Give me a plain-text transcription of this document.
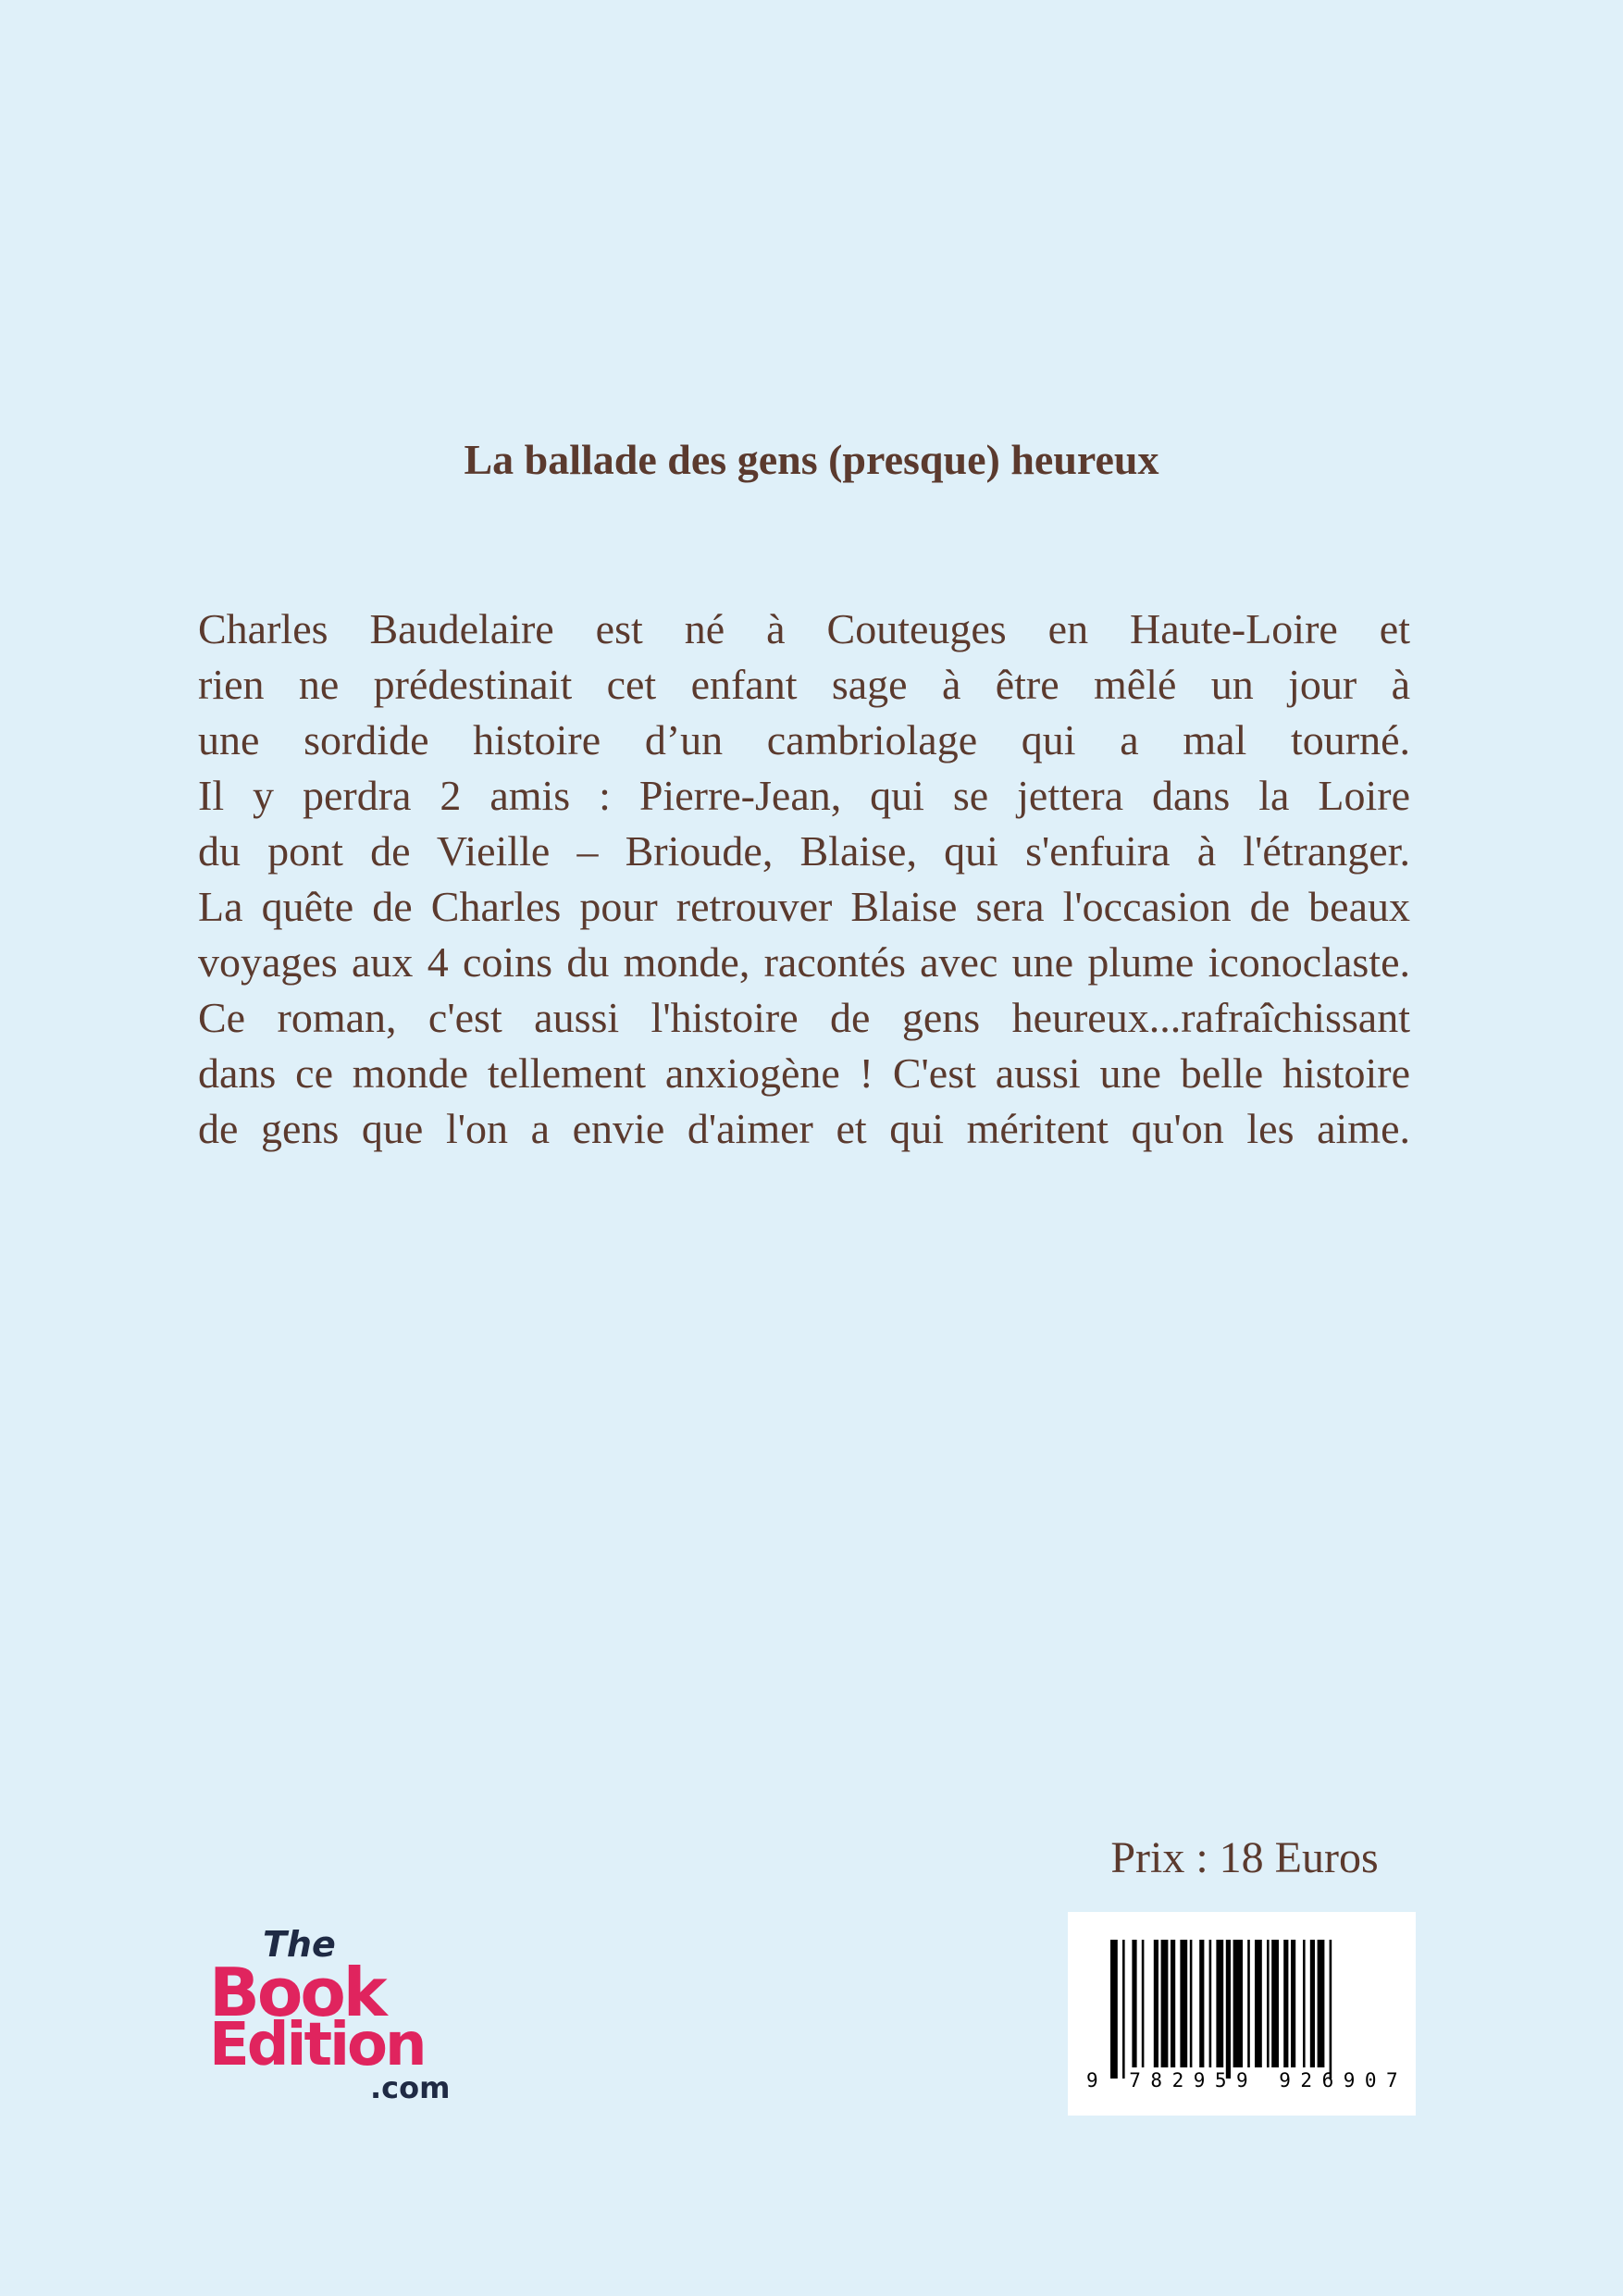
La ballade des gens (presque) heureux
Charles Baudelaire est né à Couteuges en Haute-Loire et
rien ne prédestinait cet enfant sage à être mêlé un jour à
une sordide histoire d’un cambriolage qui a mal tourné.
Il y perdra 2 amis : Pierre-Jean, qui se jettera dans la Loire
du pont de Vieille – Brioude, Blaise, qui s'enfuira à l'étranger.
La quête de Charles pour retrouver Blaise sera l'occasion de beaux
voyages aux 4 coins du monde, racontés avec une plume iconoclaste.
Ce roman, c'est aussi l'histoire de gens heureux...rafraîchissant
dans ce monde tellement anxiogène ! C'est aussi une belle histoire
de gens que l'on a envie d'aimer et qui méritent qu'on les aime.
Prix : 18 Euros
9 782959 926907
The
Book
Edition
.com
